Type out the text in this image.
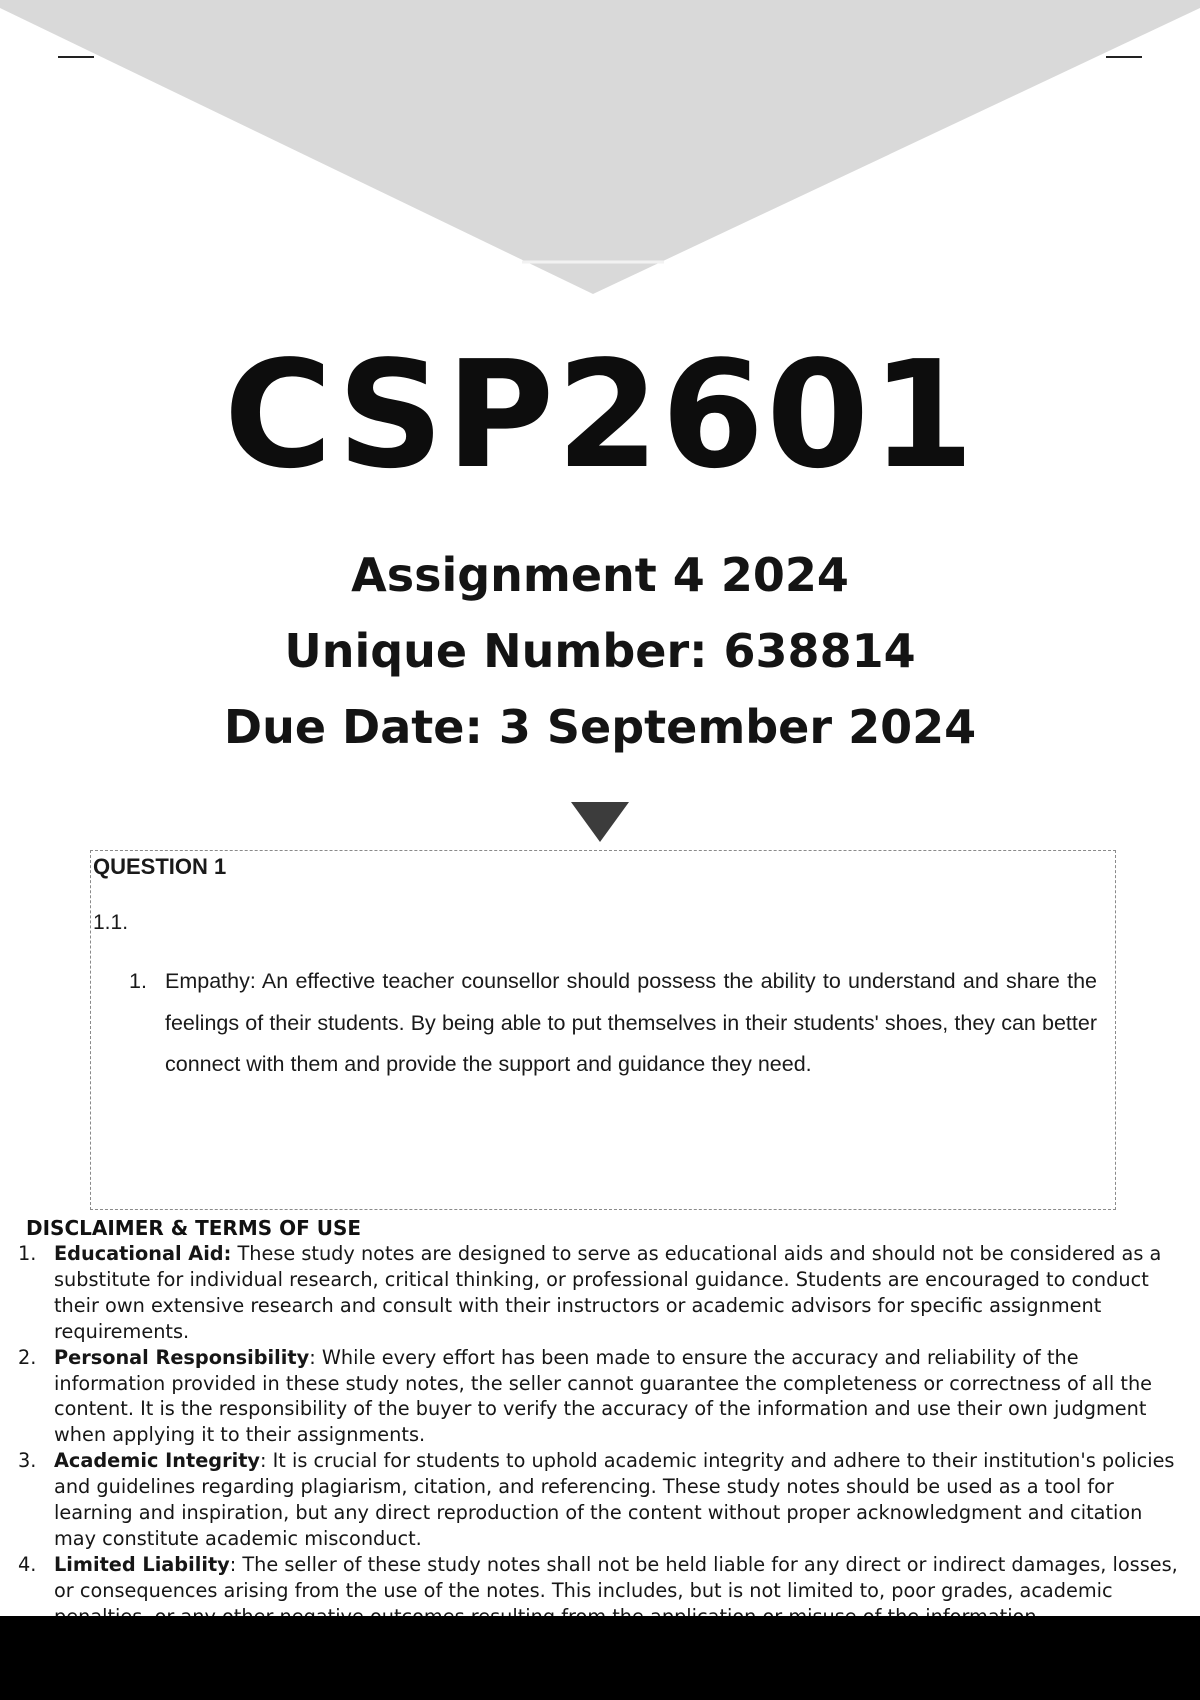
CSP2601
Assignment 4 2024
Unique Number: 638814
Due Date: 3 September 2024
QUESTION 1
1.1.
1. Empathy: An effective teacher counsellor should possess the ability to understand and share the feelings of their students. By being able to put themselves in their students' shoes, they can better connect with them and provide the support and guidance they need.
DISCLAIMER & TERMS OF USE
1. Educational Aid: These study notes are designed to serve as educational aids and should not be considered as a substitute for individual research, critical thinking, or professional guidance. Students are encouraged to conduct their own extensive research and consult with their instructors or academic advisors for specific assignment requirements.
2. Personal Responsibility: While every effort has been made to ensure the accuracy and reliability of the information provided in these study notes, the seller cannot guarantee the completeness or correctness of all the content. It is the responsibility of the buyer to verify the accuracy of the information and use their own judgment when applying it to their assignments.
3. Academic Integrity: It is crucial for students to uphold academic integrity and adhere to their institution's policies and guidelines regarding plagiarism, citation, and referencing. These study notes should be used as a tool for learning and inspiration, but any direct reproduction of the content without proper acknowledgment and citation may constitute academic misconduct.
4. Limited Liability: The seller of these study notes shall not be held liable for any direct or indirect damages, losses, or consequences arising from the use of the notes. This includes, but is not limited to, poor grades, academic
